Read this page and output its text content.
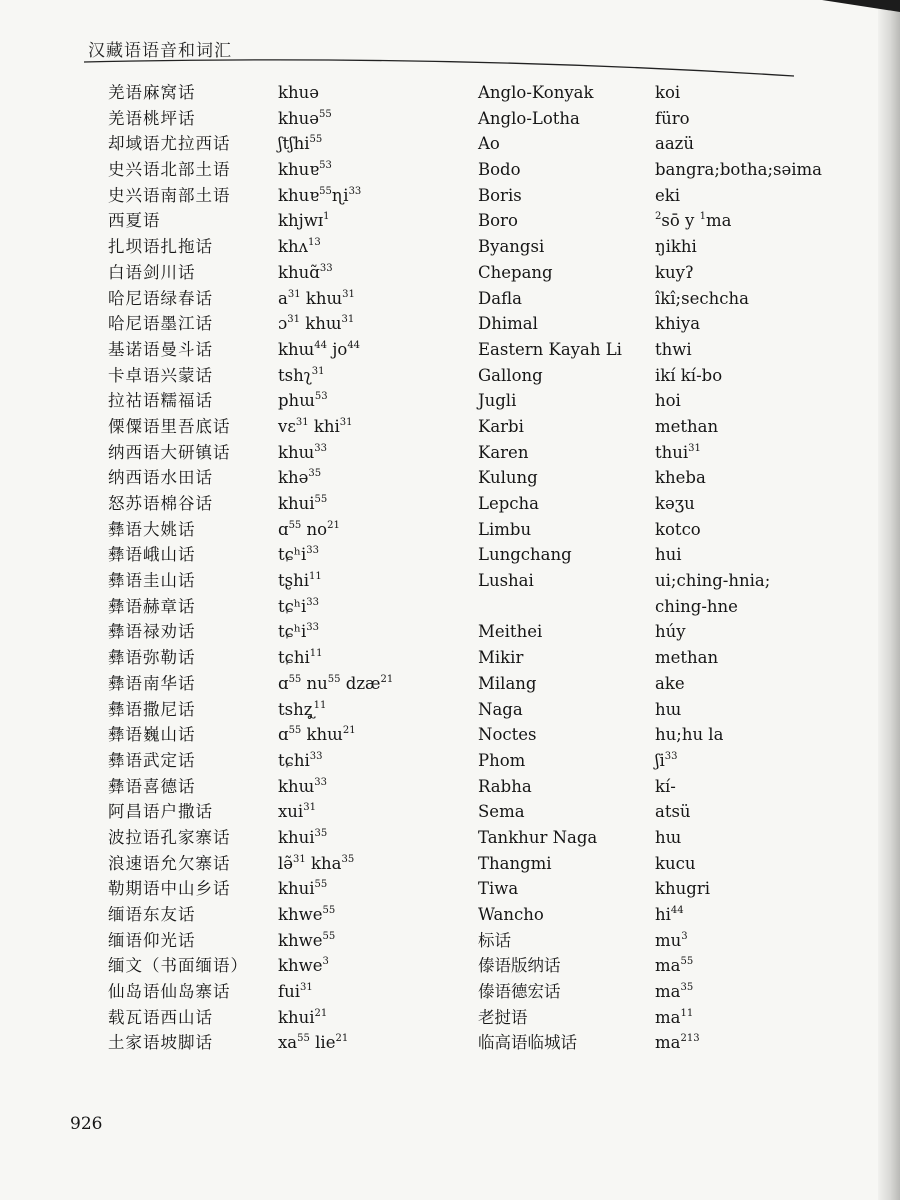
汉藏语语音和词汇
羌语麻窝话
羌语桃坪话
却域语尤拉西话
史兴语北部土语
史兴语南部土语
西夏语
扎坝语扎拖话
白语剑川话
哈尼语绿春话
哈尼语墨江话
基诺语曼斗话
卡卓语兴蒙话
拉祜语糯福话
傈僳语里吾底话
纳西语大研镇话
纳西语水田话
怒苏语棉谷话
彝语大姚话
彝语峨山话
彝语圭山话
彝语赫章话
彝语禄劝话
彝语弥勒话
彝语南华话
彝语撒尼话
彝语巍山话
彝语武定话
彝语喜德话
阿昌语户撒话
波拉语孔家寨话
浪速语允欠寨话
勒期语中山乡话
缅语东友话
缅语仰光话
缅文（书面缅语）
仙岛语仙岛寨话
载瓦语西山话
土家语坡脚话
khuə
khuə$^{55}$
ʃtʃhi$^{55}$
khuɐ$^{53}$
khuɐ$^{55}$ɳi$^{33}$
khjwɪ$^1$
khʌ$^{13}$
khuɑ̃$^{33}$
$a^{31}$ khɯ$^{31}$
ɔ$^{31}$ khɯ$^{31}$
khɯ$^{44}$ $jo^{44}$
tshʅ$^{31}$
phɯ$^{53}$
vɛ$^{31}$ khi$^{31}$
khɯ$^{33}$
khə$^{35}$
khui$^{55}$
ɑ$^{55}$ $no^{21}$
tɕʰi$^{33}$
tʂhi$^{11}$
tɕʰi$^{33}$
tɕʰi$^{33}$
tɕhi$^{11}$
ɑ$^{55}$ $nu^{55}$ dzæ$^{21}$
tshʐ̥$^{11}$
ɑ$^{55}$ khɯ$^{21}$
tɕhi$^{33}$
khɯ$^{33}$
xui$^{31}$
khui$^{35}$
lə̃$^{31}$ kha$^{35}$
khui$^{55}$
khwe$^{55}$
khwe$^{55}$
khwe$^3$
fui$^{31}$
khui$^{21}$
$xa^{55}$ lie$^{21}$
Anglo-Konyak
Anglo-Lotha
Ao
Bodo
Boris
Boro
Byangsi
Chepang
Dafla
Dhimal
Eastern Kayah Li
Gallong
Jugli
Karbi
Karen
Kulung
Lepcha
Limbu
Lungchang
Lushai
Meithei
Mikir
Milang
Naga
Noctes
Phom
Rabha
Sema
Tankhur Naga
Thangmi
Tiwa
Wancho
标话
傣语版纳话
傣语德宏话
老挝语
临高语临城话
koi
füro
aazü
bangra;botha;səima
eki
$^2$sō y $^1$ma
ŋikhi
kuyʔ
îkî;sechcha
khiya
thwi
ikí kí-bo
hoi
methan
thui$^{31}$
kheba
kəʒu
kotco
hui
ui;ching-hnia;
ching-hne
húy
methan
ake
hɯ
hu;hu la
ʃi$^{33}$
kí-
atsü
hɯ
kucu
khugri
$hi^{44}$
$mu^3$
$ma^{55}$
$ma^{35}$
$ma^{11}$
$ma^{213}$
926
